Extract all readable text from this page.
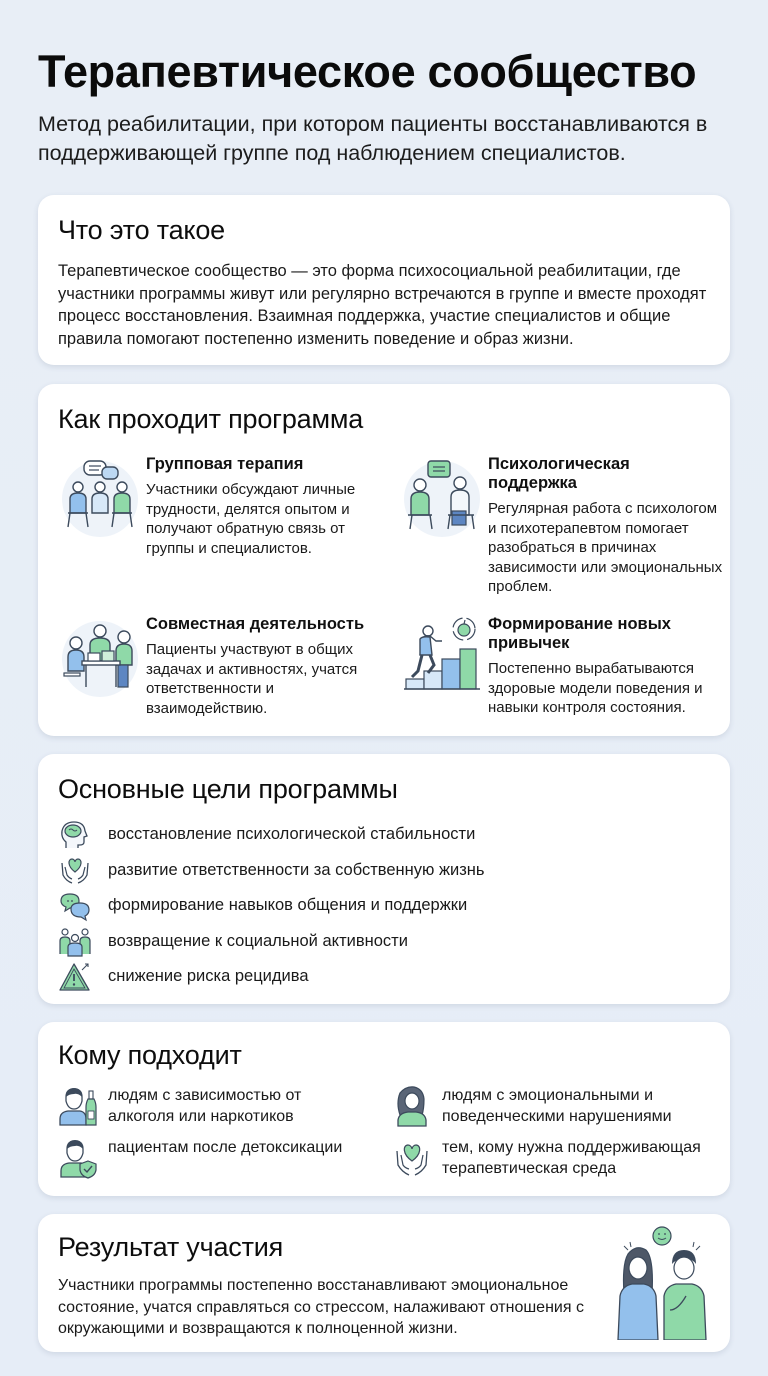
Терапевтическое сообщество
Метод реабилитации, при котором пациенты восстанавливаются в поддерживающей группе под наблюдением специалистов.
Что это такое

Терапевтическое сообщество — это форма психосоциальной реабилитации, где участники программы живут или регулярно встречаются в группе и вместе проходят процесс восстановления. Взаимная поддержка, участие специалистов и общие правила помогают постепенно изменить поведение и образ жизни.

Как проходит программа
Групповая терапия

Участники обсуждают личные трудности, делятся опытом и получают обратную связь от группы и специалистов.

Психологическая поддержка

Регулярная работа с психологом и психотерапевтом помогает разобраться в причинах зависимости или эмоциональных проблем.

Совместная деятельность

Пациенты участвуют в общих задачах и активностях, учатся ответственности и взаимодействию.

Формирование новых привычек

Постепенно вырабатываются здоровые модели поведения и навыки контроля состояния.

Основные цели программы
восстановление психологической стабильности
развитие ответственности за собственную жизнь
формирование навыков общения и поддержки
возвращение к социальной активности
снижение риска рецидива
Кому подходит
людям с зависимостью от алкоголя или наркотиков
людям с эмоциональными и поведенческими нарушениями
пациентам после детоксикации	тем, кому нужна поддерживающая терапевтическая среда
Результат участия

Участники программы постепенно восстанавливают эмоциональное состояние, учатся справляться со стрессом, налаживают отношения с окружающими и возвращаются к полноценной жизни.
